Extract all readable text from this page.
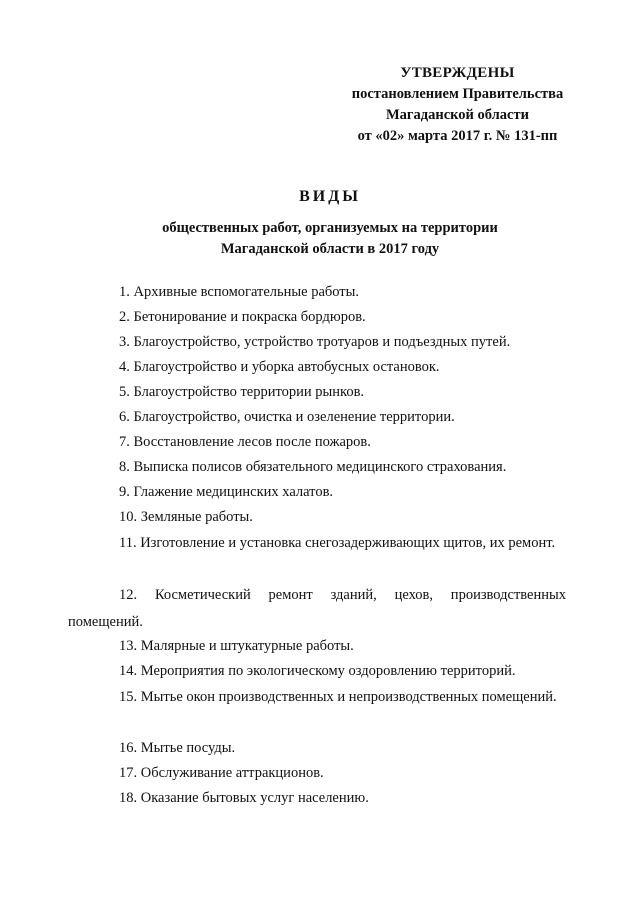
УТВЕРЖДЕНЫ
постановлением Правительства
Магаданской области
от «02» марта 2017 г. № 131-пп
ВИДЫ
общественных работ, организуемых на территории
Магаданской области в 2017 году
1. Архивные вспомогательные работы.
2. Бетонирование и покраска бордюров.
3. Благоустройство, устройство тротуаров и подъездных путей.
4. Благоустройство и уборка автобусных остановок.
5. Благоустройство территории рынков.
6. Благоустройство, очистка и озеленение территории.
7. Восстановление лесов после пожаров.
8. Выписка полисов обязательного медицинского страхования.
9. Глажение медицинских халатов.
10. Земляные работы.
11. Изготовление и установка снегозадерживающих щитов, их ремонт.
12. Косметический ремонт зданий, цехов, производственных помещений.
13. Малярные и штукатурные работы.
14. Мероприятия по экологическому оздоровлению территорий.
15. Мытье окон производственных и непроизводственных помещений.
16. Мытье посуды.
17. Обслуживание аттракционов.
18. Оказание бытовых услуг населению.
